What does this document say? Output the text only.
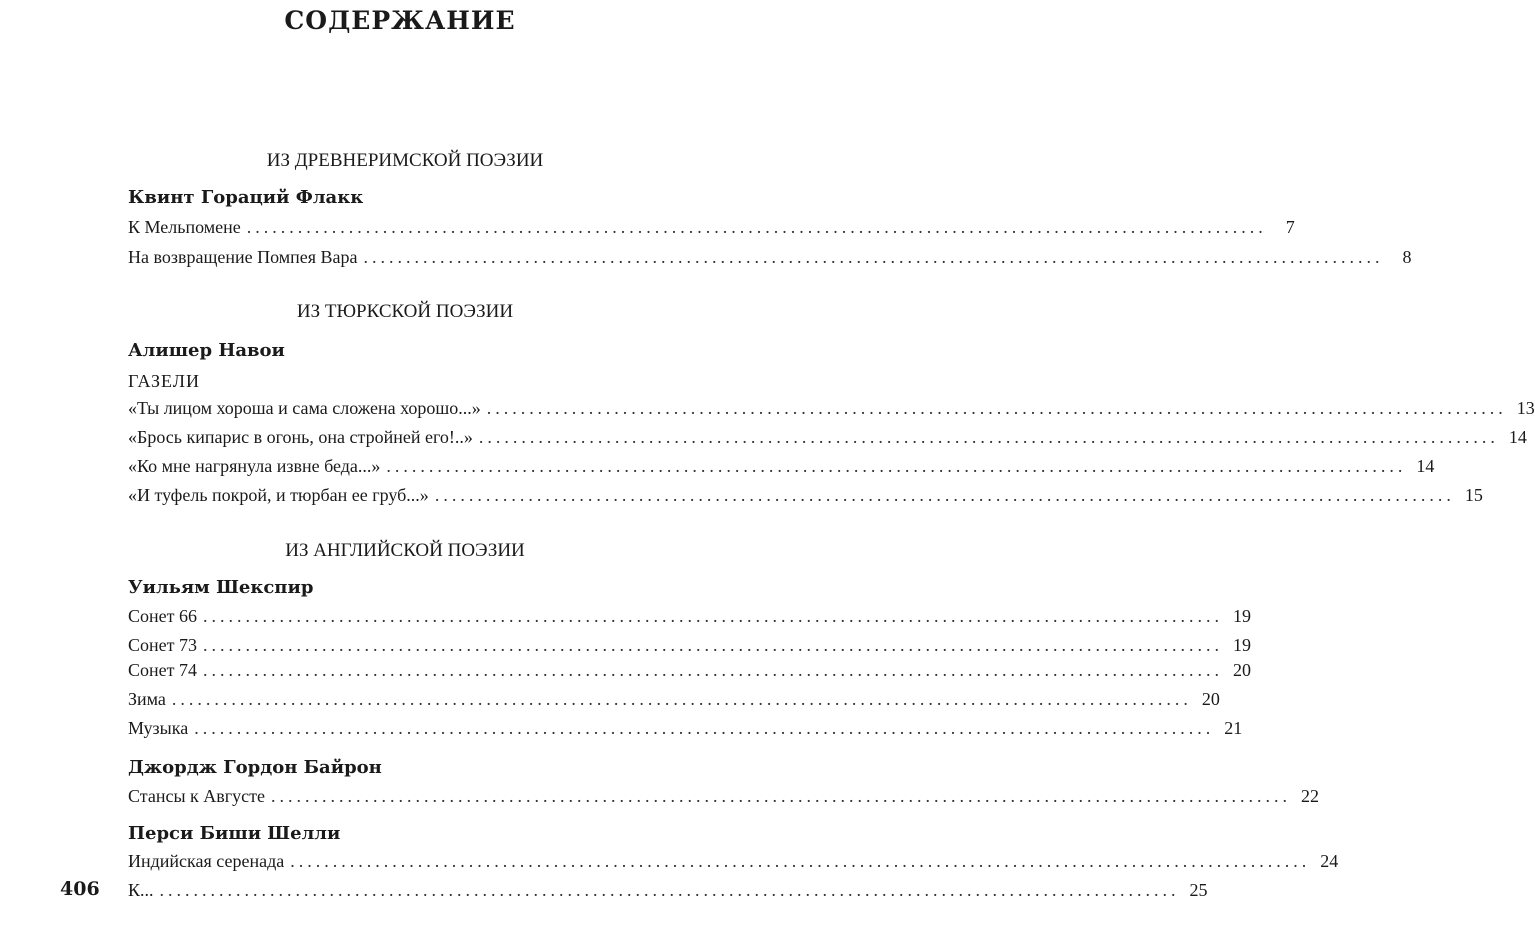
СОДЕРЖАНИЕ
ИЗ ДРЕВНЕРИМСКОЙ ПОЭЗИИ
Квинт Гораций Флакк
К Мельпомене ........................................................................................................................	7
На возвращение Помпея Вара ........................................................................................................................	8
ИЗ ТЮРКСКОЙ ПОЭЗИИ
Алишер Навои
ГАЗЕЛИ
«Ты лицом хороша и сама сложена хорошо...» ........................................................................................................................ 13
«Брось кипарис в огонь, она стройней его!..» ........................................................................................................................ 14
«Ко мне нагрянула извне беда...» ........................................................................................................................ 14
«И туфель покрой, и тюрбан ее груб...» ........................................................................................................................ 15
ИЗ АНГЛИЙСКОЙ ПОЭЗИИ
Уильям Шекспир
Сонет 66 ........................................................................................................................ 19
Сонет 73 ........................................................................................................................ 19
Сонет 74 ........................................................................................................................ 20
Зима ........................................................................................................................ 20
Музыка ........................................................................................................................ 21
Джордж Гордон Байрон
Стансы к Августе ........................................................................................................................ 22
Перси Биши Шелли
Индийская серенада ........................................................................................................................ 24
К... ........................................................................................................................ 25
406
